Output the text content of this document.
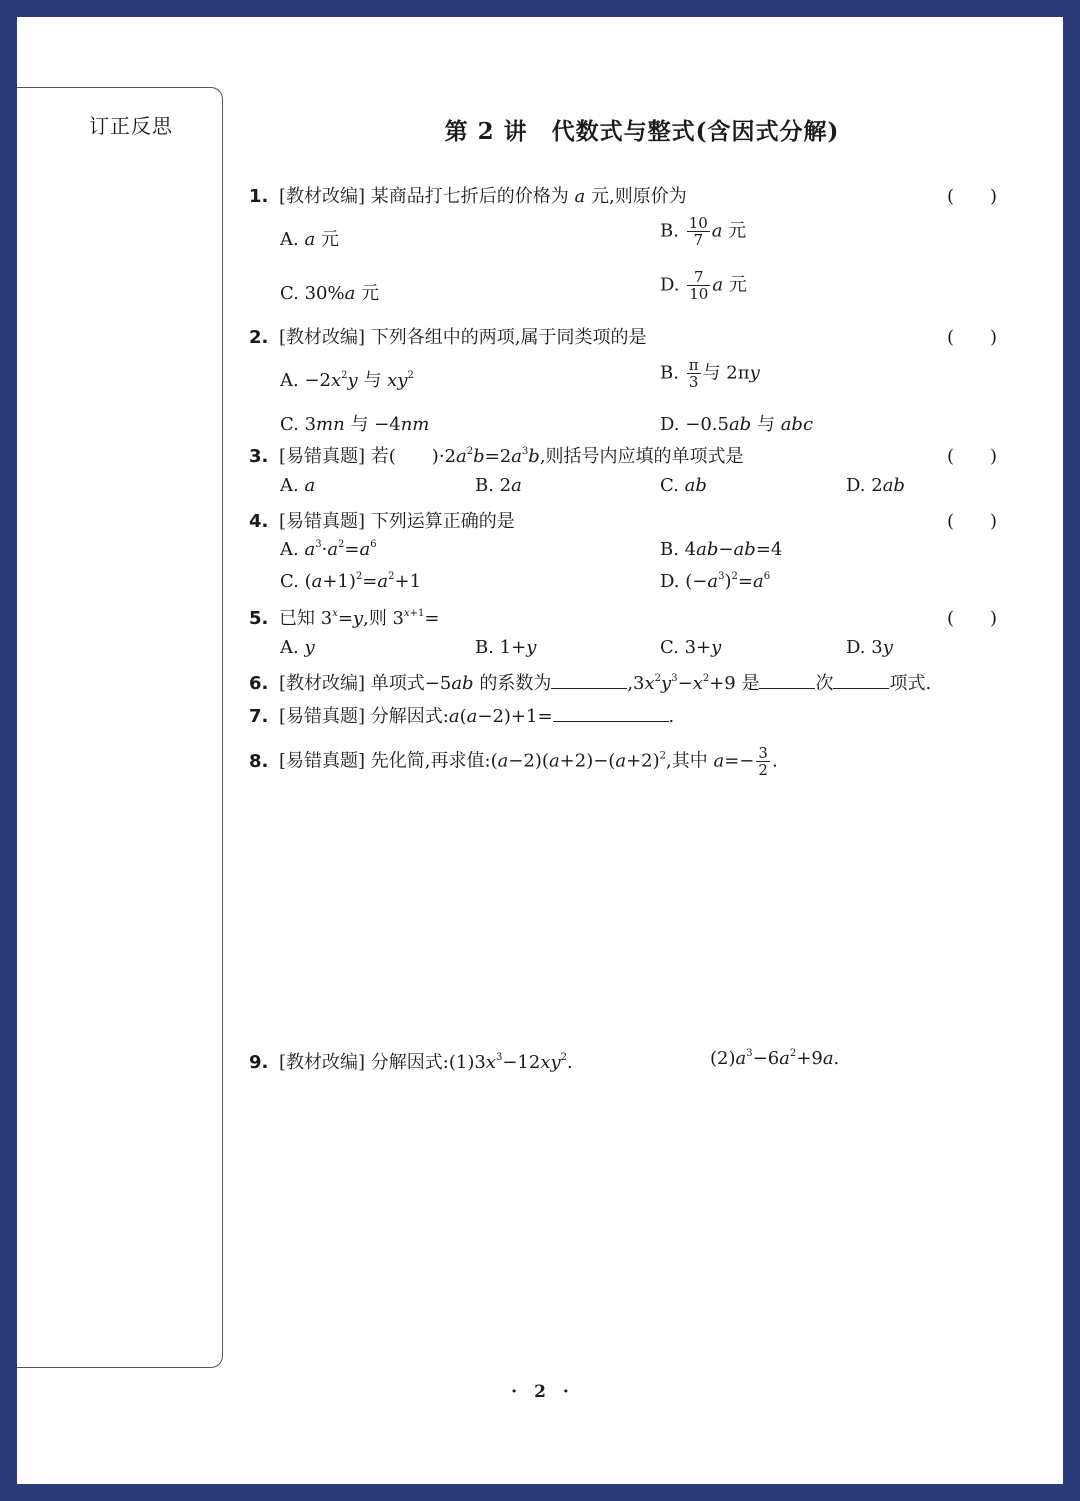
订正反思	第 2 讲　代数式与整式(含因式分解)
1. [教材改编] 某商品打七折后的价格为 a 元,则原价为	(　　)
A. a 元	B. $\frac{10}{7}$ a 元
C. 30%a 元	D. $\frac{7}{10}$ a 元
2. [教材改编] 下列各组中的两项,属于同类项的是	(　　)
A. $-2x^2y$ 与 $xy^2$	B. $\frac{\pi}{3}$ 与 2πy
C. 3mn 与 −4nm	D. −0.5ab 与 abc
3. [易错真题] 若(　　)$\cdot 2a^2b=2a^3b$,则括号内应填的单项式是	(　　)
A. a	B. 2a	C. ab	D. 2ab
4. [易错真题] 下列运算正确的是	(　　)
A. $a^3\cdot a^2=a^6$	B. 4ab−ab=4
C. $(a+1)^2=a^2+1$	D. $(-a^3)^2=a^6$
5. 已知 $3^x=y$,则 $3^{x+1}=$	(　　)
A. y	B. 1+y	C. 3+y	D. 3y
6. [教材改编] 单项式−5ab 的系数为	$,3x^2y^3-x^2+9$ 是	次	项式.
7. [易错真题] 分解因式:a(a−2)+1=	.
8. [易错真题] 先化简,再求值$:(a-2)(a+2)-(a+2)^2$,其中 $a=- \frac{3}{2}$ .
9. [教材改编] 分解因式$:(1)3x^3-12xy^2$.	$(2)a^3-6a^2+9a$.
·　2　·
